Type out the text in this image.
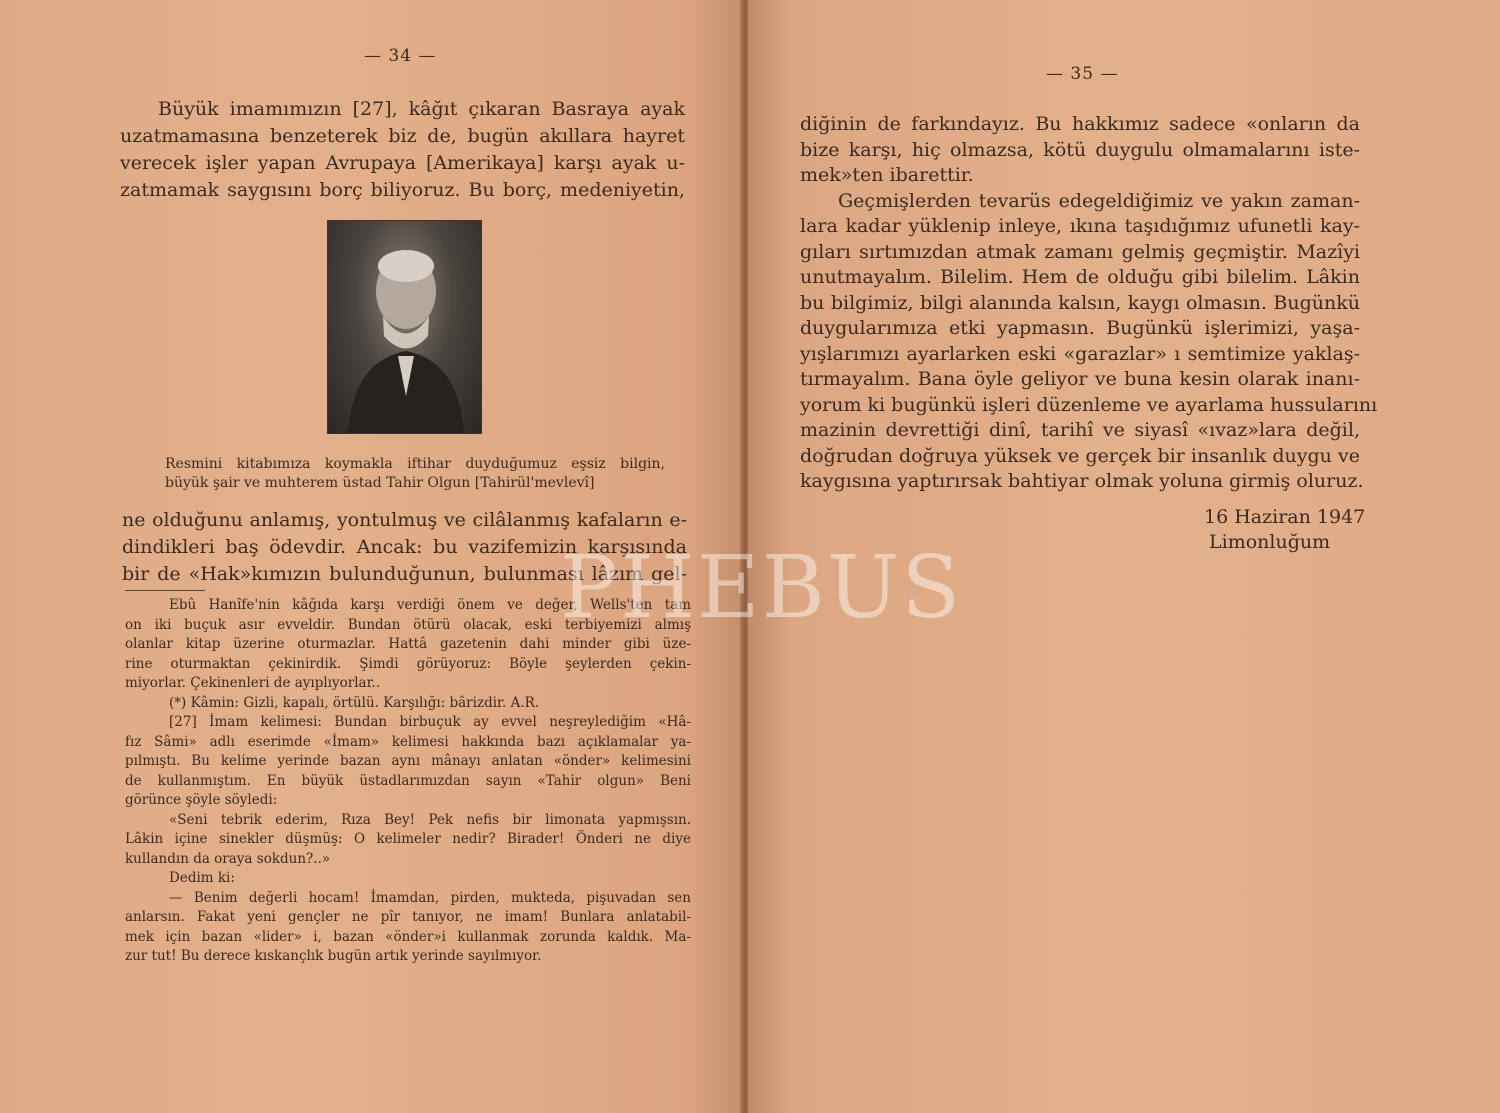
— 34 —
Büyük imamımızın [27], kâğıt çıkaran Basraya ayak
uzatmamasına benzeterek biz de, bugün akıllara hayret
verecek işler yapan Avrupaya [Amerikaya] karşı ayak u-
zatmamak saygısını borç biliyoruz. Bu borç, medeniyetin,
Resmini kitabımıza koymakla iftihar duyduğumuz eşsiz bilgin,
büyük şair ve muhterem üstad Tahir Olgun [Tahirül'mevlevî]
ne olduğunu anlamış, yontulmuş ve cilâlanmış kafaların e-
dindikleri baş ödevdir. Ancak: bu vazifemizin karşısında
bir de «Hak»kımızın bulunduğunun, bulunması lâzım gel-
Ebû Hanîfe'nin kâğıda karşı verdiği önem ve değer, Wells'ten tam
on iki buçuk asır evveldir. Bundan ötürü olacak, eski terbiyemizi almış
olanlar kitap üzerine oturmazlar. Hattâ gazetenin dahi minder gibi üze-
rine oturmaktan çekinirdik. Şimdi görüyoruz: Böyle şeylerden çekin-
miyorlar. Çekinenleri de ayıplıyorlar..
(*) Kâmin: Gizli, kapalı, örtülü. Karşılığı: bârizdir. A.R.
[27] İmam kelimesi: Bundan birbuçuk ay evvel neşreylediğim «Hâ-
fız Sâmi» adlı eserimde «İmam» kelimesi hakkında bazı açıklamalar ya-
pılmıştı. Bu kelime yerinde bazan aynı mânayı anlatan «önder» kelimesini
de kullanmıştım. En büyük üstadlarımızdan sayın «Tahir olgun» Beni
görünce şöyle söyledi:
«Seni tebrik ederim, Rıza Bey! Pek nefis bir limonata yapmışsın.
Lâkin içine sinekler düşmüş: O kelimeler nedir? Birader! Önderi ne diye
kullandın da oraya sokdun?..»
Dedim ki:
— Benim değerli hocam! İmamdan, pirden, mukteda, pişuvadan sen
anlarsın. Fakat yeni gençler ne pîr tanıyor, ne imam! Bunlara anlatabil-
mek için bazan «lider» i, bazan «önder»i kullanmak zorunda kaldık. Ma-
zur tut! Bu derece kıskançlık bugün artık yerinde sayılmıyor.
— 35 —
diğinin de farkındayız. Bu hakkımız sadece «onların da
bize karşı, hiç olmazsa, kötü duygulu olmamalarını iste-
mek»ten ibarettir.
Geçmişlerden tevarüs edegeldiğimiz ve yakın zaman-
lara kadar yüklenip inleye, ıkına taşıdığımız ufunetli kay-
gıları sırtımızdan atmak zamanı gelmiş geçmiştir. Mazîyi
unutmayalım. Bilelim. Hem de olduğu gibi bilelim. Lâkin
bu bilgimiz, bilgi alanında kalsın, kaygı olmasın. Bugünkü
duygularımıza etki yapmasın. Bugünkü işlerimizi, yaşa-
yışlarımızı ayarlarken eski «garazlar» ı semtimize yaklaş-
tırmayalım. Bana öyle geliyor ve buna kesin olarak inanı-
yorum ki bugünkü işleri düzenleme ve ayarlama hussularını
mazinin devrettiği dinî, tarihî ve siyasî «ıvaz»lara değil,
doğrudan doğruya yüksek ve gerçek bir insanlık duygu ve
kaygısına yaptırırsak bahtiyar olmak yoluna girmiş oluruz.
16 Haziran 1947
Limonluğum
PHEBUS
